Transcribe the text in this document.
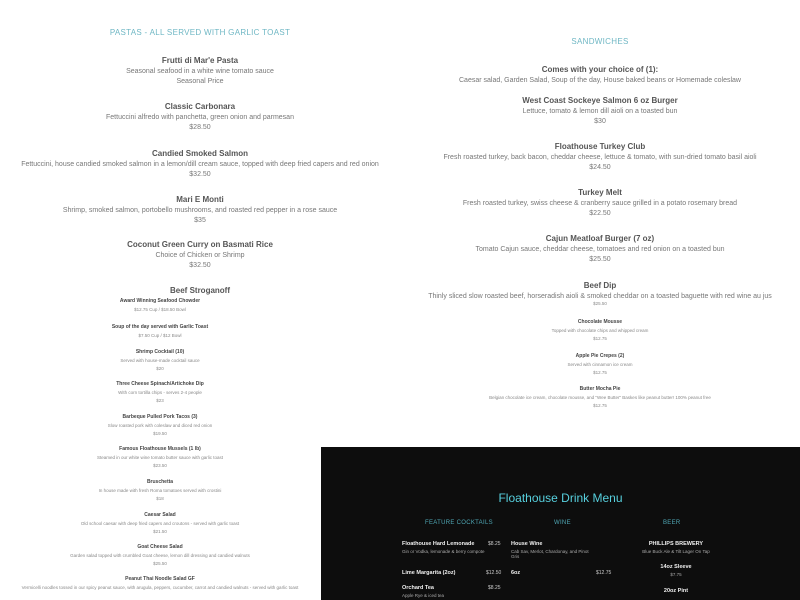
PASTAS - ALL SERVED WITH GARLIC TOAST
Frutti di Mar'e Pasta
Seasonal seafood in a white wine tomato sauce
Seasonal Price
Classic Carbonara
Fettuccini alfredo with panchetta, green onion and parmesan
$28.50
Candied Smoked Salmon
Fettuccini, house candied smoked salmon in a lemon/dill cream sauce, topped with deep fried capers and red onion
$32.50
Mari E Monti
Shrimp, smoked salmon, portobello mushrooms, and roasted red pepper in a rose sauce
$35
Coconut Green Curry on Basmati Rice
Choice of Chicken or Shrimp
$32.50
Beef Stroganoff
SANDWICHES
Comes with your choice of (1):
Caesar salad, Garden Salad, Soup of the day, House baked beans or Homemade coleslaw
West Coast Sockeye Salmon 6 oz Burger
Lettuce, tomato & lemon dill aioli on a toasted bun
$30
Floathouse Turkey Club
Fresh roasted turkey, back bacon, cheddar cheese, lettuce & tomato, with sun-dried tomato basil aioli
$24.50
Turkey Melt
Fresh roasted turkey, swiss cheese & cranberry sauce grilled in a potato rosemary bread
$22.50
Cajun Meatloaf Burger (7 oz)
Tomato Cajun sauce, cheddar cheese, tomatoes and red onion on a toasted bun
$25.50
Beef Dip
Thinly sliced slow roasted beef, horseradish aioli & smoked cheddar on a toasted baguette with red wine au jus
$25.50
Chocolate Mousse
Topped with chocolate chips and whipped cream
$12.75
Apple Pie Crepes (2)
Served with cinnamon ice cream
$12.75
Butter Mocha Pie
Belgian chocolate ice cream, chocolate mousse, and "Wee Butter" Baskes like peanut butter! 100% peanut free
$12.75
Award Winning Seafood Chowder
$12.75 Cup / $18.50 Bowl
Soup of the day served with Garlic Toast
$7.50 Cup / $12 Bowl
Shrimp Cocktail (10)
Served with house-made cocktail sauce
$20
Three Cheese Spinach/Artichoke Dip
With corn tortilla chips - serves 2-4 people
$23
Barbeque Pulled Pork Tacos (3)
Slow roasted pork with coleslaw and diced red onion
$19.50
Famous Floathouse Mussels (1 lb)
Steamed in our white wine tomato butter sauce with garlic toast
$23.50
Bruschetta
In house made with fresh Roma tomatoes served with crostini
$18
Caesar Salad
Old school caesar with deep fried capers and croutons - served with garlic toast
$21.50
Goat Cheese Salad
Garden salad topped with crumbled Goat cheese, lemon dill dressing and candied walnuts
$25.50
Peanut Thai Noodle Salad GF
Vermicelli noodles tossed in our spicy peanut sauce, with arugula, peppers, cucumber, carrot and candied walnuts - served with garlic toast
Floathouse Drink Menu
FEATURE COCKTAILS	WINE	BEER
Floathouse Hard Lemonade
Gin or Vodka, lemonade & berry compote
$8.25
Lime Margarita (2oz)	$12.50
Orchard Tea
Apple Rye & iced tea
$8.25
House Wine
Cab Sav, Merlot, Chardonay, and Pinot Gris
6oz	$12.75
PHILLIPS BREWERY
Blue Buck Ale & Tilt Lager On Tap
14oz Sleeve
$7.75
20oz Pint
